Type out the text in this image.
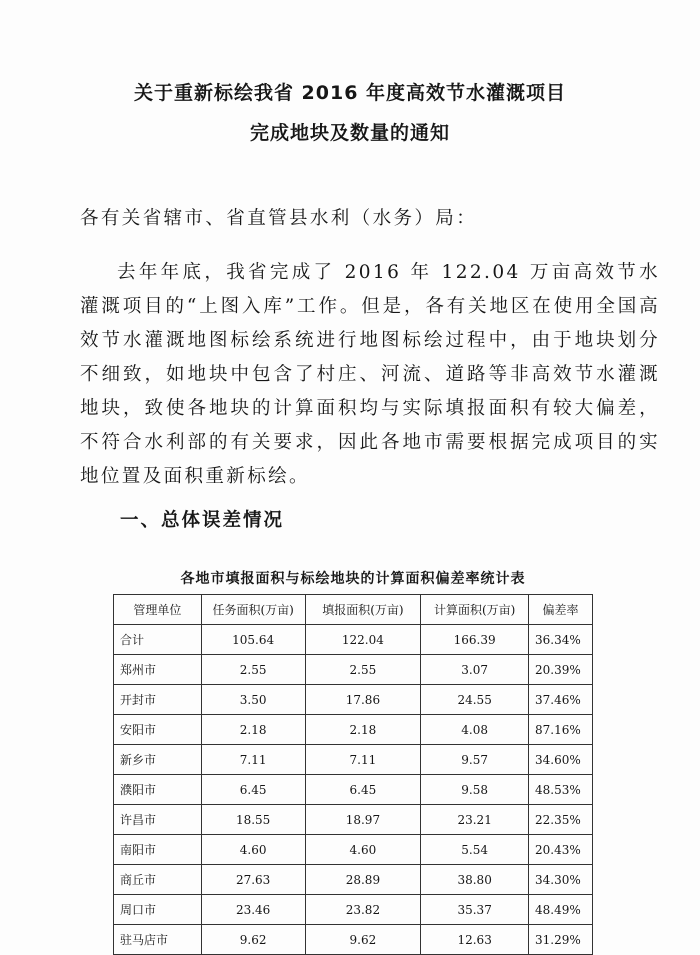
关于重新标绘我省 2016 年度高效节水灌溉项目
完成地块及数量的通知

各有关省辖市、省直管县水利（水务）局：

去年年底，我省完成了 2016 年 122.04 万亩高效节水灌溉项目的“上图入库”工作。但是，各有关地区在使用全国高效节水灌溉地图标绘系统进行地图标绘过程中，由于地块划分不细致，如地块中包含了村庄、河流、道路等非高效节水灌溉地块，致使各地块的计算面积均与实际填报面积有较大偏差，不符合水利部的有关要求，因此各地市需要根据完成项目的实地位置及面积重新标绘。

一、总体误差情况
各地市填报面积与标绘地块的计算面积偏差率统计表
管理单位	任务面积(万亩)	填报面积(万亩)	计算面积(万亩)	偏差率
合计	105.64	122.04	166.39	36.34%
郑州市	2.55	2.55	3.07	20.39%
开封市	3.50	17.86	24.55	37.46%
安阳市	2.18	2.18	4.08	87.16%
新乡市	7.11	7.11	9.57	34.60%
濮阳市	6.45	6.45	9.58	48.53%
许昌市	18.55	18.97	23.21	22.35%
南阳市	4.60	4.60	5.54	20.43%
商丘市	27.63	28.89	38.80	34.30%
周口市	23.46	23.82	35.37	48.49%
驻马店市	9.62	9.62	12.63	31.29%
